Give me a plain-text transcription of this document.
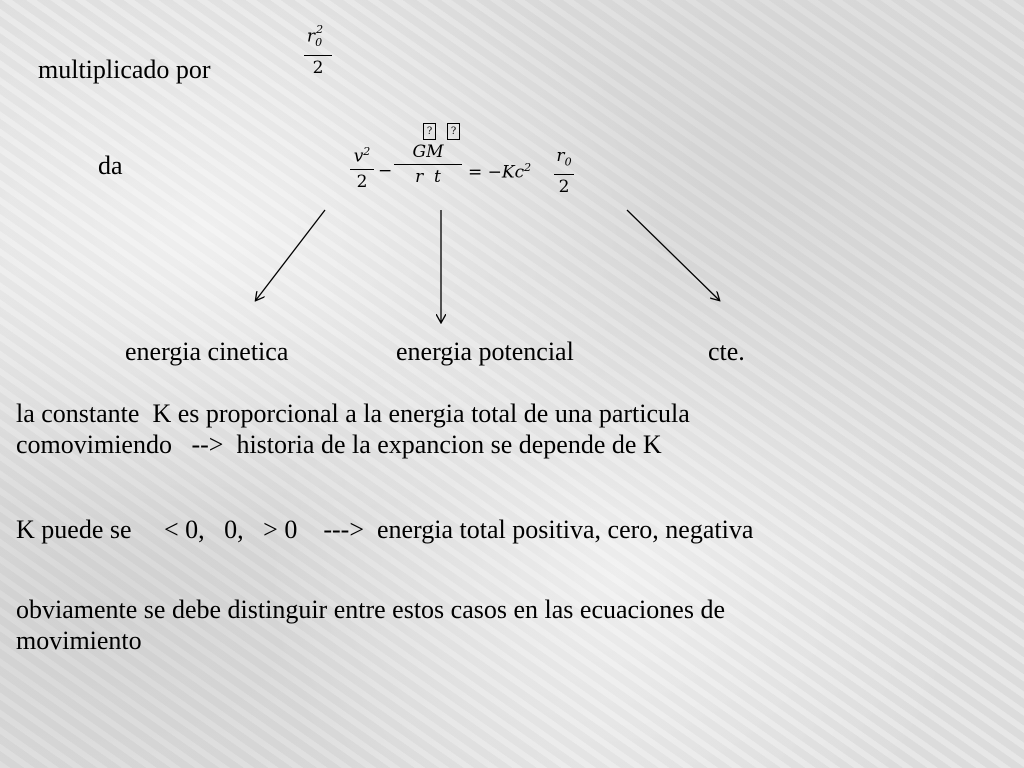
multiplicado por
$r_0^2$
2
da	$v^2$
2
−
?	?
GM
r  t	= $-Kc^2$
$r_0$
2
energia cinetica	energia potencial	cte.
la constante  K es proporcional a la energia total de una particula
comovimiendo   -->  historia de la expancion se depende de K
K puede se     < 0,   0,   > 0    --->  energia total positiva, cero, negativa
obviamente se debe distinguir entre estos casos en las ecuaciones de
movimiento
